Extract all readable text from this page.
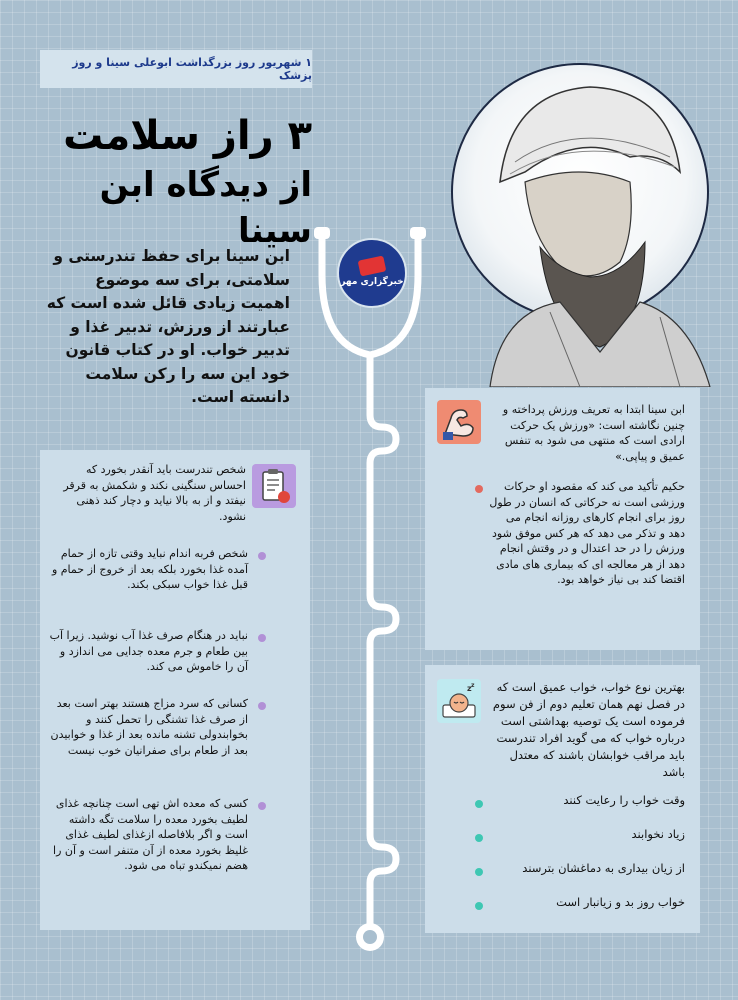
۱ شهریور روز بزرگداشت ابوعلی سینا و روز پزشک
۳ راز سلامت
از دیدگاه ابن سینا
ابن سینا برای حفظ تندرستی و سلامتی، برای سه موضوع اهمیت زیادی قائل شده است که عبارتند از ورزش، تدبیر غذا و تدبیر خواب. او در کتاب قانون خود این سه را رکن سلامت دانسته است.
خبرگزاری مهر
شخص تندرست باید آنقدر بخورد که احساس سنگینی نکند و شکمش به قرقر نیفتد و از به بالا نیاید و دچار کند ذهنی نشود.
شخص فربه اندام نباید وقتی تازه از حمام آمده غذا بخورد بلکه بعد از خروج از حمام و قبل غذا خواب سبکی بکند.
نباید در هنگام صرف غذا آب نوشید. زیرا آب بین طعام و جرم معده جدایی می اندازد و آن را خاموش می کند.
کسانی که سرد مزاج هستند بهتر است بعد از صرف غذا تشنگی را تحمل کنند و بخوابندولی تشنه مانده بعد از غذا و خوابیدن بعد از طعام برای صفرانیان خوب نیست
کسی که معده اش تهی است چنانچه غذای لطیف بخورد معده را سلامت تگه داشته است و اگر بلافاصله ازغذای لطیف غذای غلیظ بخورد معده از آن متنفر است و آن را هضم نمیکندو تباه می شود.
ابن سینا ابتدا به تعریف ورزش پرداخته و چنین نگاشته است: «ورزش یک حرکت ارادی است که منتهی می شود به تنفس عمیق و پیاپی.»
حکیم تأکید می کند که مقصود او حرکات ورزشی است نه حرکاتی که انسان در طول روز برای انجام کارهای روزانه انجام می دهد و تذکر می دهد که هر کس موفق شود ورزش را در حد اعتدال و در وقتش انجام دهد از هر معالجه ای که بیماری های مادی اقتضا کند بی نیاز خواهد بود.
z z	بهترین نوع خواب، خواب عمیق است که در فصل نهم همان تعلیم دوم از فن سوم فرموده است یک توصیه بهداشتی است درباره خواب که می گوید افراد تندرست باید مراقب خوابشان باشند که معتدل باشد
وقت خواب را رعایت کنند
زیاد نخوابند
از زیان بیداری به دماغشان بترسند
خواب روز بد و زیانبار است
